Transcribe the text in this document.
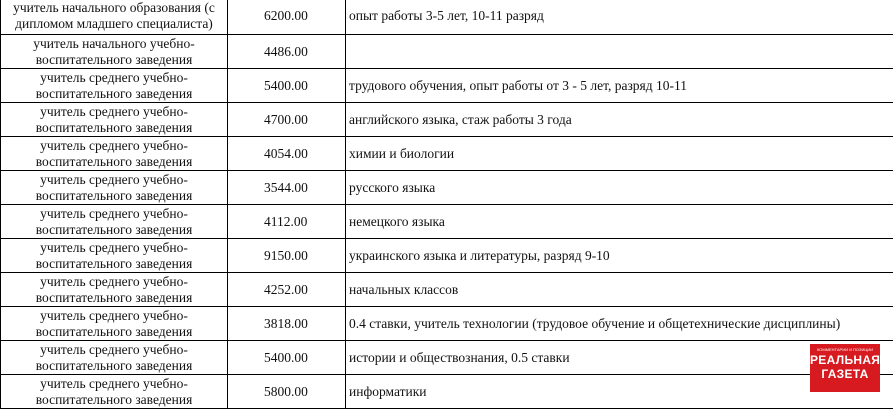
учитель начального образования (с дипломом младшего специалиста)	6200.00	опыт работы 3-5 лет, 10-11 разряд
учитель начального учебно-воспитательного заведения	4486.00	
учитель среднего учебно-воспитательного заведения	5400.00	трудового обучения, опыт работы от 3 - 5 лет, разряд 10-11
учитель среднего учебно-воспитательного заведения	4700.00	английского языка, стаж работы 3 года
учитель среднего учебно-воспитательного заведения	4054.00	химии и биологии
учитель среднего учебно-воспитательного заведения	3544.00	русского языка
учитель среднего учебно-воспитательного заведения	4112.00	немецкого языка
учитель среднего учебно-воспитательного заведения	9150.00	украинского языка и литературы, разряд 9-10
учитель среднего учебно-воспитательного заведения	4252.00	начальных классов
учитель среднего учебно-воспитательного заведения	3818.00	0.4 ставки, учитель технологии (трудовое обучение и общетехнические дисциплины)
учитель среднего учебно-воспитательного заведения	5400.00	истории и обществознания, 0.5 ставки
учитель среднего учебно-воспитательного заведения	5800.00	информатики
КОММЕНТАРИИ И ПОЗИЦИИ
РЕАЛЬНАЯ
ГАЗЕТА
